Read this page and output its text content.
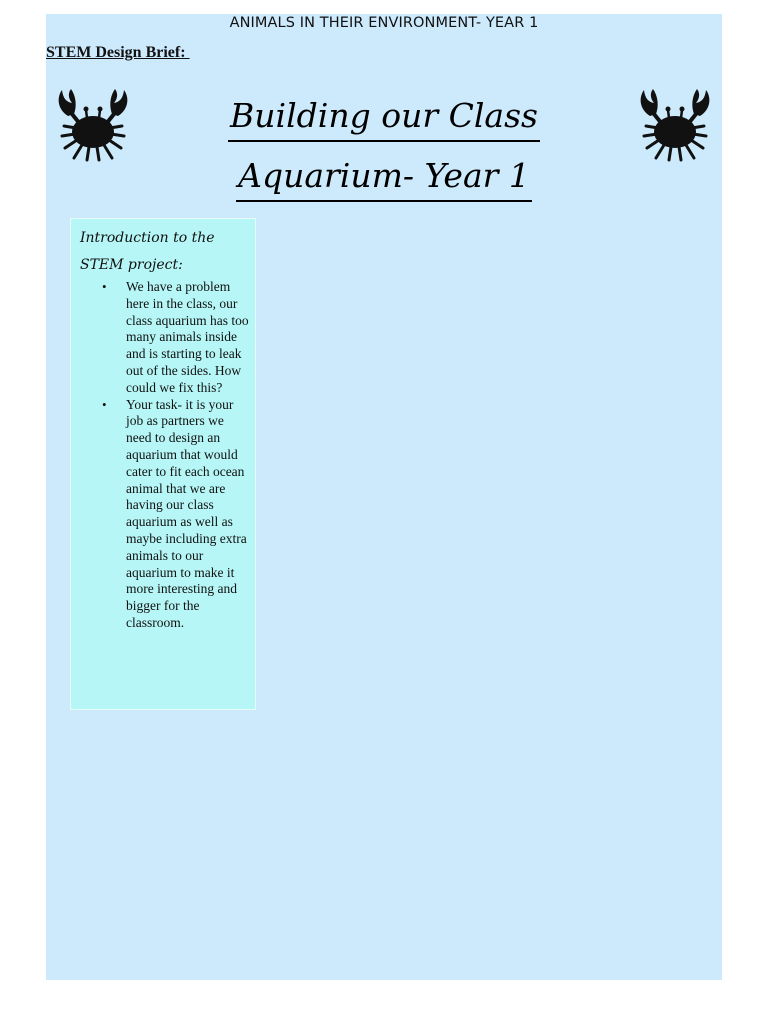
ANIMALS IN THEIR ENVIRONMENT- YEAR 1
STEM Design Brief:
Building our Class
Aquarium- Year 1
Introduction to the STEM project:
• We have a problem here in the class, our class aquarium has too many animals inside and is starting to leak out of the sides. How could we fix this?
• Your task- it is your job as partners we need to design an aquarium that would cater to fit each ocean animal that we are having our class aquarium as well as maybe including extra animals to our aquarium to make it more interesting and bigger for the classroom.
